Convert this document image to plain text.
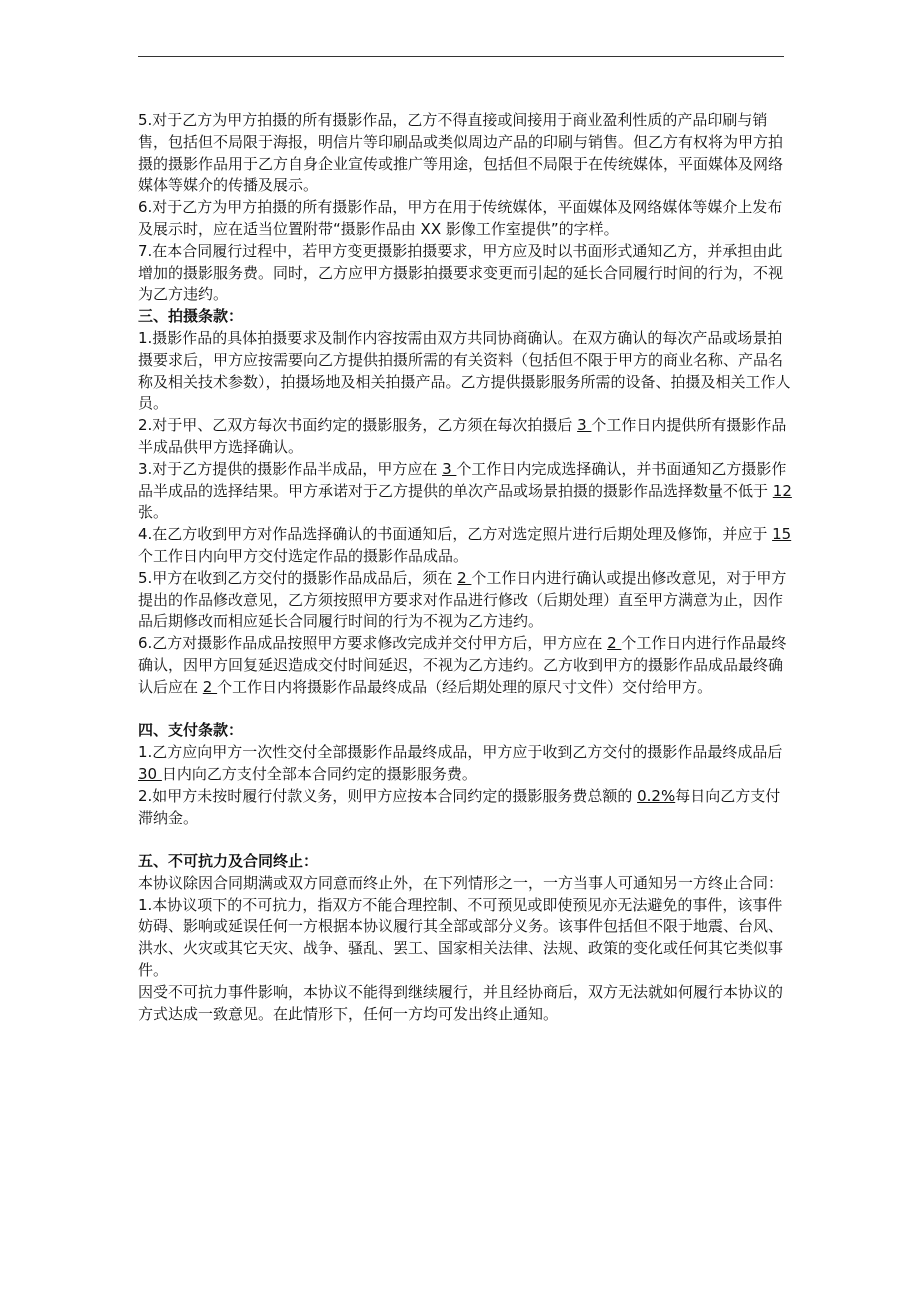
5.对于乙方为甲方拍摄的所有摄影作品，乙方不得直接或间接用于商业盈利性质的产品印刷与销售，包括但不局限于海报，明信片等印刷品或类似周边产品的印刷与销售。但乙方有权将为甲方拍摄的摄影作品用于乙方自身企业宣传或推广等用途，包括但不局限于在传统媒体，平面媒体及网络媒体等媒介的传播及展示。

6.对于乙方为甲方拍摄的所有摄影作品，甲方在用于传统媒体，平面媒体及网络媒体等媒介上发布及展示时，应在适当位置附带“摄影作品由 XX 影像工作室提供”的字样。

7.在本合同履行过程中，若甲方变更摄影拍摄要求，甲方应及时以书面形式通知乙方，并承担由此增加的摄影服务费。同时，乙方应甲方摄影拍摄要求变更而引起的延长合同履行时间的行为，不视为乙方违约。

三、拍摄条款：

1.摄影作品的具体拍摄要求及制作内容按需由双方共同协商确认。在双方确认的每次产品或场景拍摄要求后，甲方应按需要向乙方提供拍摄所需的有关资料（包括但不限于甲方的商业名称、产品名称及相关技术参数），拍摄场地及相关拍摄产品。乙方提供摄影服务所需的设备、拍摄及相关工作人员。

2.对于甲、乙双方每次书面约定的摄影服务，乙方须在每次拍摄后 3 个工作日内提供所有摄影作品半成品供甲方选择确认。

3.对于乙方提供的摄影作品半成品，甲方应在 3 个工作日内完成选择确认，并书面通知乙方摄影作品半成品的选择结果。甲方承诺对于乙方提供的单次产品或场景拍摄的摄影作品选择数量不低于 12 张。

4.在乙方收到甲方对作品选择确认的书面通知后，乙方对选定照片进行后期处理及修饰，并应于 15 个工作日内向甲方交付选定作品的摄影作品成品。

5.甲方在收到乙方交付的摄影作品成品后，须在 2 个工作日内进行确认或提出修改意见，对于甲方提出的作品修改意见，乙方须按照甲方要求对作品进行修改（后期处理）直至甲方满意为止，因作品后期修改而相应延长合同履行时间的行为不视为乙方违约。

6.乙方对摄影作品成品按照甲方要求修改完成并交付甲方后，甲方应在 2 个工作日内进行作品最终确认，因甲方回复延迟造成交付时间延迟，不视为乙方违约。乙方收到甲方的摄影作品成品最终确认后应在 2 个工作日内将摄影作品最终成品（经后期处理的原尺寸文件）交付给甲方。

四、支付条款：

1.乙方应向甲方一次性交付全部摄影作品最终成品，甲方应于收到乙方交付的摄影作品最终成品后 30 日内向乙方支付全部本合同约定的摄影服务费。

2.如甲方未按时履行付款义务，则甲方应按本合同约定的摄影服务费总额的 0.2%每日向乙方支付滞纳金。

五、不可抗力及合同终止：

本协议除因合同期满或双方同意而终止外，在下列情形之一，一方当事人可通知另一方终止合同：

1.本协议项下的不可抗力，指双方不能合理控制、不可预见或即使预见亦无法避免的事件，该事件妨碍、影响或延误任何一方根据本协议履行其全部或部分义务。该事件包括但不限于地震、台风、洪水、火灾或其它天灾、战争、骚乱、罢工、国家相关法律、法规、政策的变化或任何其它类似事件。

因受不可抗力事件影响，本协议不能得到继续履行，并且经协商后，双方无法就如何履行本协议的方式达成一致意见。在此情形下，任何一方均可发出终止通知。
